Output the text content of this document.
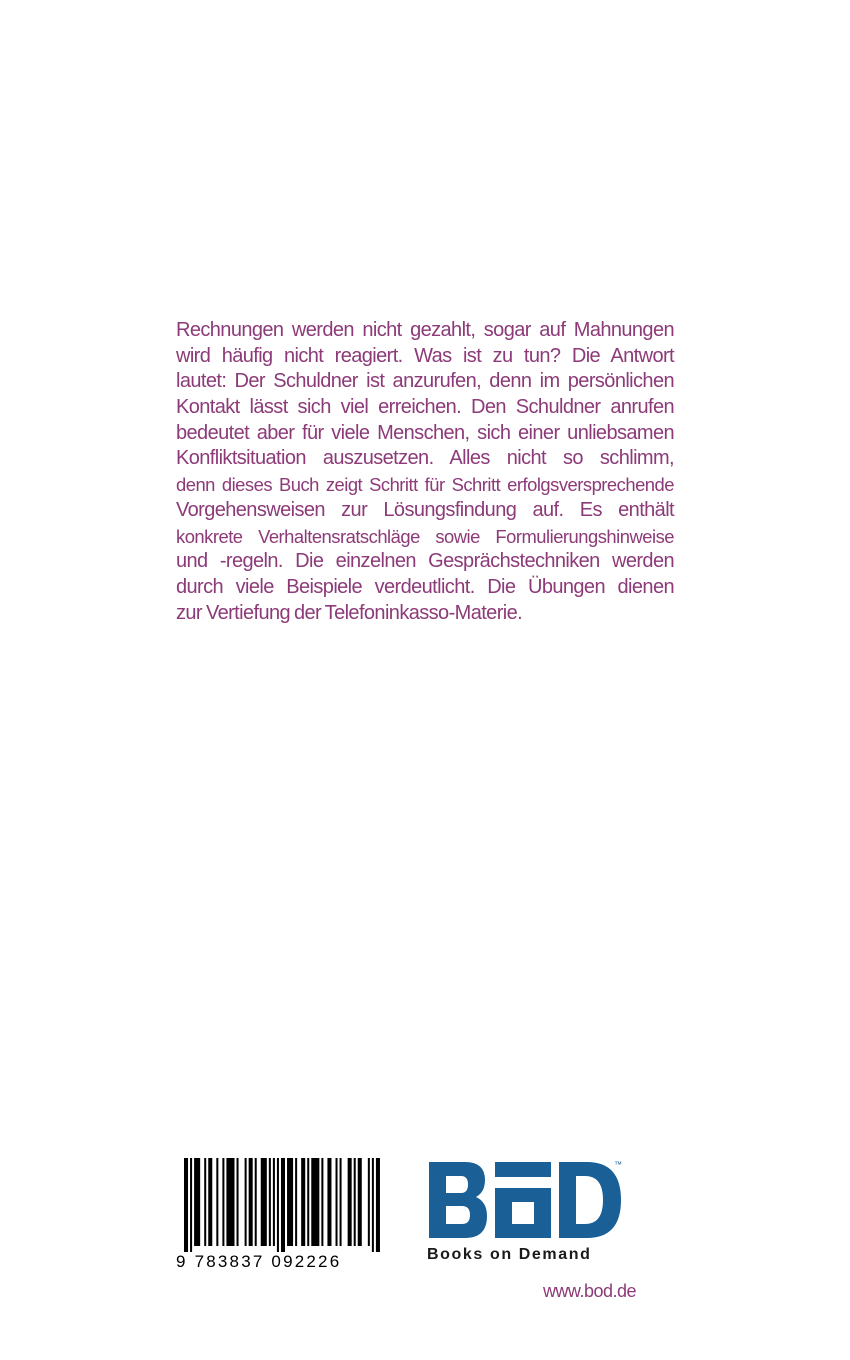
Rechnungen werden nicht gezahlt, sogar auf Mahnungen
wird häufig nicht reagiert. Was ist zu tun? Die Antwort
lautet: Der Schuldner ist anzurufen, denn im persönlichen
Kontakt lässt sich viel erreichen. Den Schuldner anrufen
bedeutet aber für viele Menschen, sich einer unliebsamen
Konfliktsituation auszusetzen. Alles nicht so schlimm,
denn dieses Buch zeigt Schritt für Schritt erfolgsversprechende
Vorgehensweisen zur Lösungsfindung auf. Es enthält
konkrete Verhaltensratschläge sowie Formulierungshinweise
und -regeln. Die einzelnen Gesprächstechniken werden
durch viele Beispiele verdeutlicht. Die Übungen dienen
zur Vertiefung der Telefoninkasso-Materie.
9 783837 092226
™
Books on Demand
www.bod.de
